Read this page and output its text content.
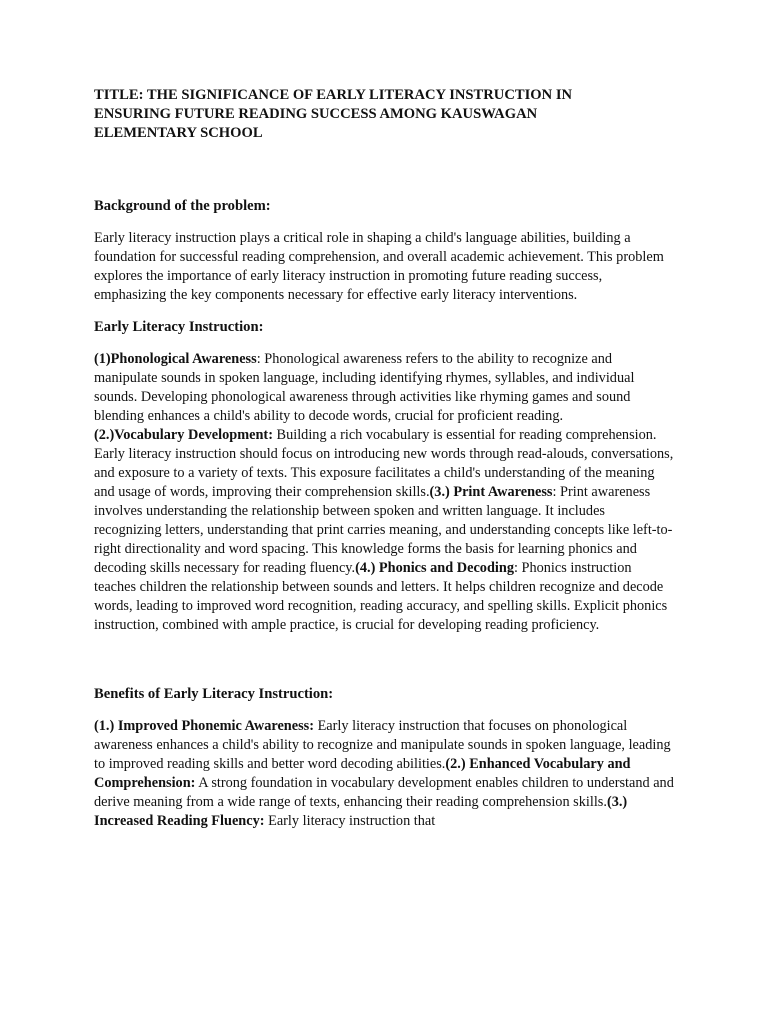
TITLE: THE SIGNIFICANCE OF EARLY LITERACY INSTRUCTION IN ENSURING FUTURE READING SUCCESS AMONG KAUSWAGAN ELEMENTARY SCHOOL
Background of the problem:
Early literacy instruction plays a critical role in shaping a child's language abilities, building a foundation for successful reading comprehension, and overall academic achievement. This problem explores the importance of early literacy instruction in promoting future reading success, emphasizing the key components necessary for effective early literacy interventions.
Early Literacy Instruction:
(1)Phonological Awareness: Phonological awareness refers to the ability to recognize and manipulate sounds in spoken language, including identifying rhymes, syllables, and individual sounds. Developing phonological awareness through activities like rhyming games and sound blending enhances a child's ability to decode words, crucial for proficient reading.
(2.)Vocabulary Development: Building a rich vocabulary is essential for reading comprehension. Early literacy instruction should focus on introducing new words through read-alouds, conversations, and exposure to a variety of texts. This exposure facilitates a child's understanding of the meaning and usage of words, improving their comprehension skills.(3.) Print Awareness: Print awareness involves understanding the relationship between spoken and written language. It includes recognizing letters, understanding that print carries meaning, and understanding concepts like left-to-right directionality and word spacing. This knowledge forms the basis for learning phonics and decoding skills necessary for reading fluency.(4.) Phonics and Decoding: Phonics instruction teaches children the relationship between sounds and letters. It helps children recognize and decode words, leading to improved word recognition, reading accuracy, and spelling skills. Explicit phonics instruction, combined with ample practice, is crucial for developing reading proficiency.
Benefits of Early Literacy Instruction:
(1.) Improved Phonemic Awareness: Early literacy instruction that focuses on phonological awareness enhances a child's ability to recognize and manipulate sounds in spoken language, leading to improved reading skills and better word decoding abilities.(2.) Enhanced Vocabulary and Comprehension: A strong foundation in vocabulary development enables children to understand and derive meaning from a wide range of texts, enhancing their reading comprehension skills.(3.) Increased Reading Fluency: Early literacy instruction that
